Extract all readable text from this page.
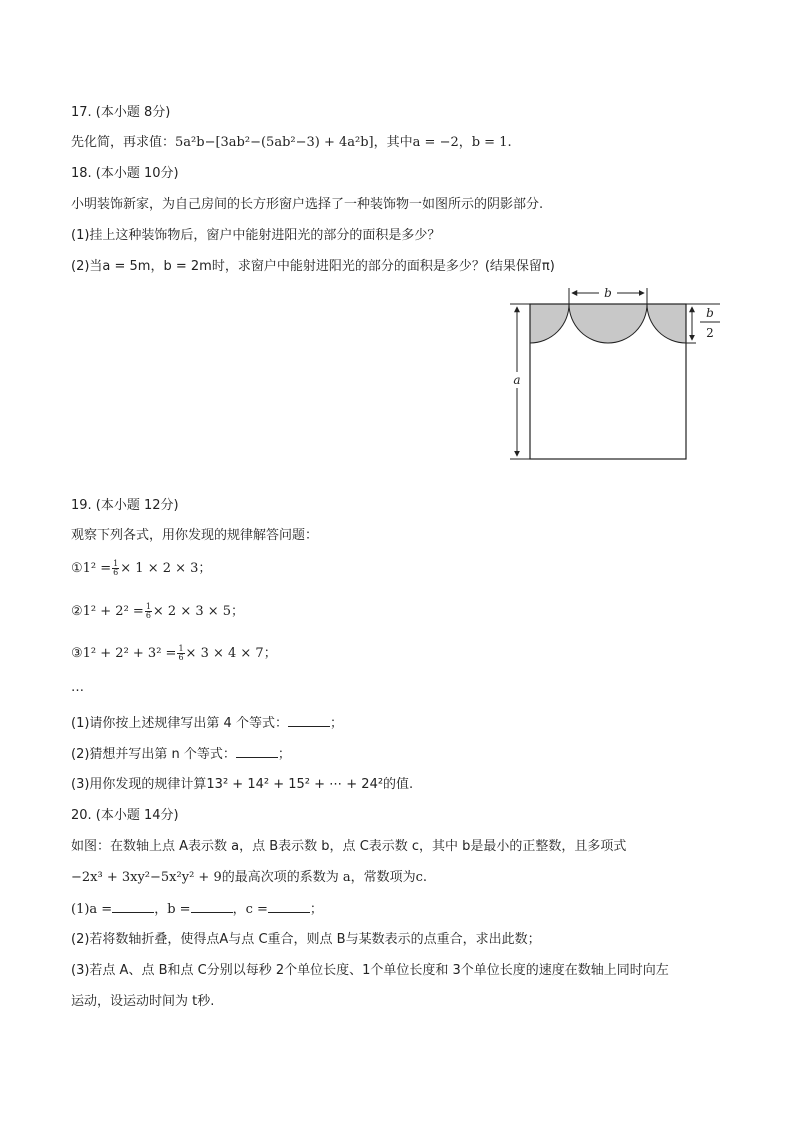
17. (本小题 8分)
先化简，再求值：5a²b−[3ab²−(5ab²−3) + 4a²b]，其中a = −2，b = 1.
18. (本小题 10分)
小明装饰新家，为自己房间的长方形窗户选择了一种装饰物一如图所示的阴影部分.
(1)挂上这种装饰物后，窗户中能射进阳光的部分的面积是多少？
(2)当a = 5m，b = 2m时，求窗户中能射进阳光的部分的面积是多少？(结果保留π)
b
b
2
a
19. (本小题 12分)
观察下列各式，用你发现的规律解答问题：
①1² = $\frac{1}{6} \times 1 \times 2 \times 3$；
②1² + $2^2 = \frac{1}{6} \times 2 \times 3 \times 5$；
③1² + $2^2 + 3^2 = \frac{1}{6} \times 3 \times 4 \times 7$；
…
(1)请你按上述规律写出第 4 个等式：	；
(2)猜想并写出第 n 个等式：	；
(3)用你发现的规律计算13² + 14² + 15² + ⋯ + 24²的值.
20. (本小题 14分)
如图：在数轴上点 A表示数 a，点 B表示数 b，点 C表示数 c，其中 b是最小的正整数，且多项式
−2x³ + 3xy²−5x²y² + 9的最高次项的系数为 a，常数项为c.
(1)a =	，b =	，c =	；
(2)若将数轴折叠，使得点A与点 C重合，则点 B与某数表示的点重合，求出此数；
(3)若点 A、点 B和点 C分别以每秒 2个单位长度、1个单位长度和 3个单位长度的速度在数轴上同时向左
运动，设运动时间为 t秒.
